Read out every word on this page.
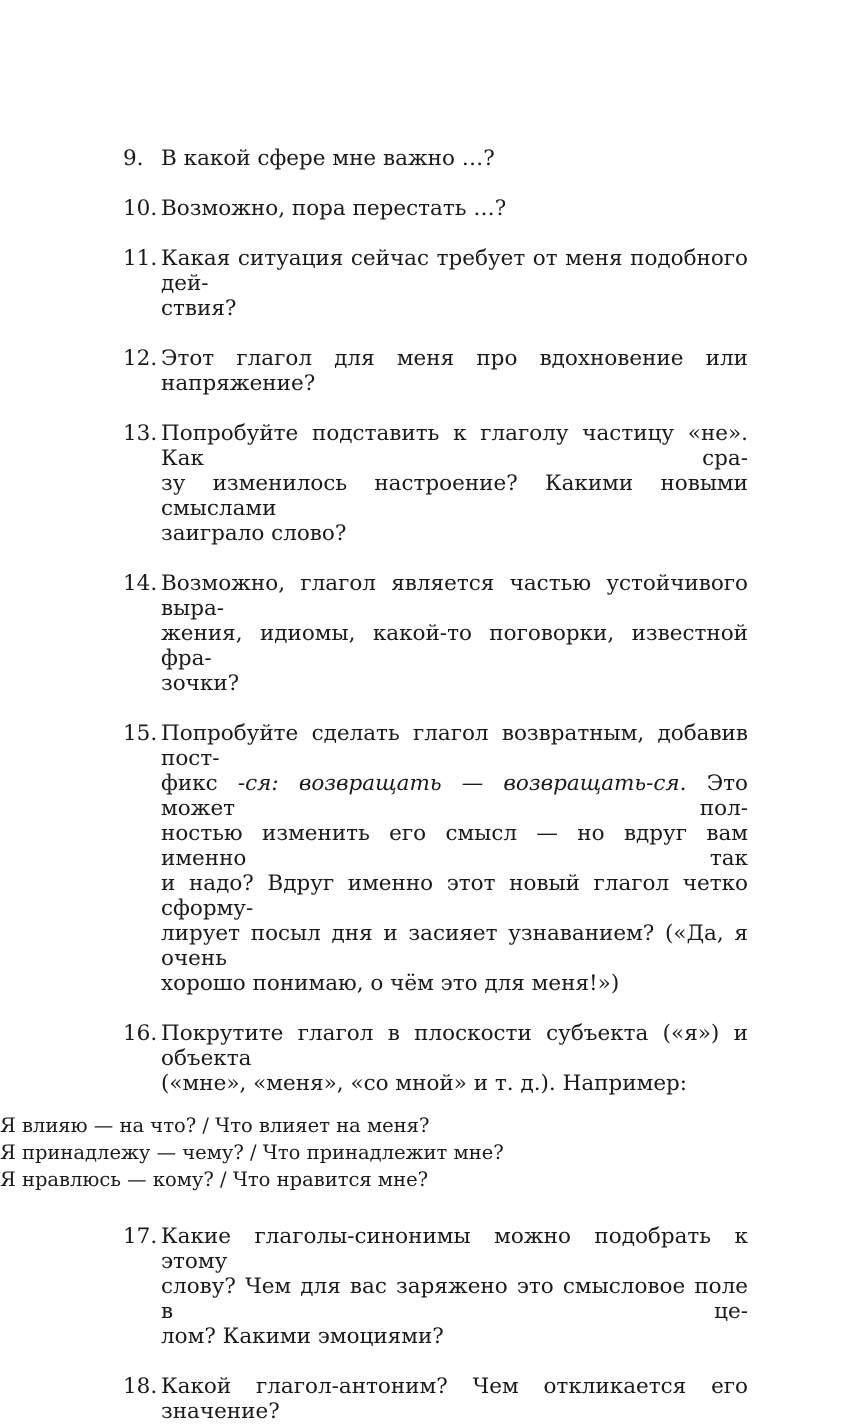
9. В какой сфере мне важно …?
10. Возможно, пора перестать …?
11. Какая ситуация сейчас требует от меня подобного дей-
ствия?
12. Этот глагол для меня про вдохновение или напряжение?
13. Попробуйте подставить к глаголу частицу «не». Как сра-
зу изменилось настроение? Какими новыми смыслами
заиграло слово?
14. Возможно, глагол является частью устойчивого выра-
жения, идиомы, какой-то поговорки, известной фра-
зочки?
15. Попробуйте сделать глагол возвратным, добавив пост-
фикс -ся: возвращать — возвращать-ся. Это может пол-
ностью изменить его смысл — но вдруг вам именно так
и надо? Вдруг именно этот новый глагол четко сформу-
лирует посыл дня и засияет узнаванием? («Да, я очень
хорошо понимаю, о чём это для меня!»)
16. Покрутите глагол в плоскости субъекта («я») и объекта
(«мне», «меня», «со мной» и т. д.). Например:
Я влияю — на что? / Что влияет на меня?
Я принадлежу — чему? / Что принадлежит мне?
Я нравлюсь — кому? / Что нравится мне?
17. Какие глаголы-синонимы можно подобрать к этому
слову? Чем для вас заряжено это смысловое поле в це-
лом? Какими эмоциями?
18. Какой глагол-антоним? Чем откликается его значение?
